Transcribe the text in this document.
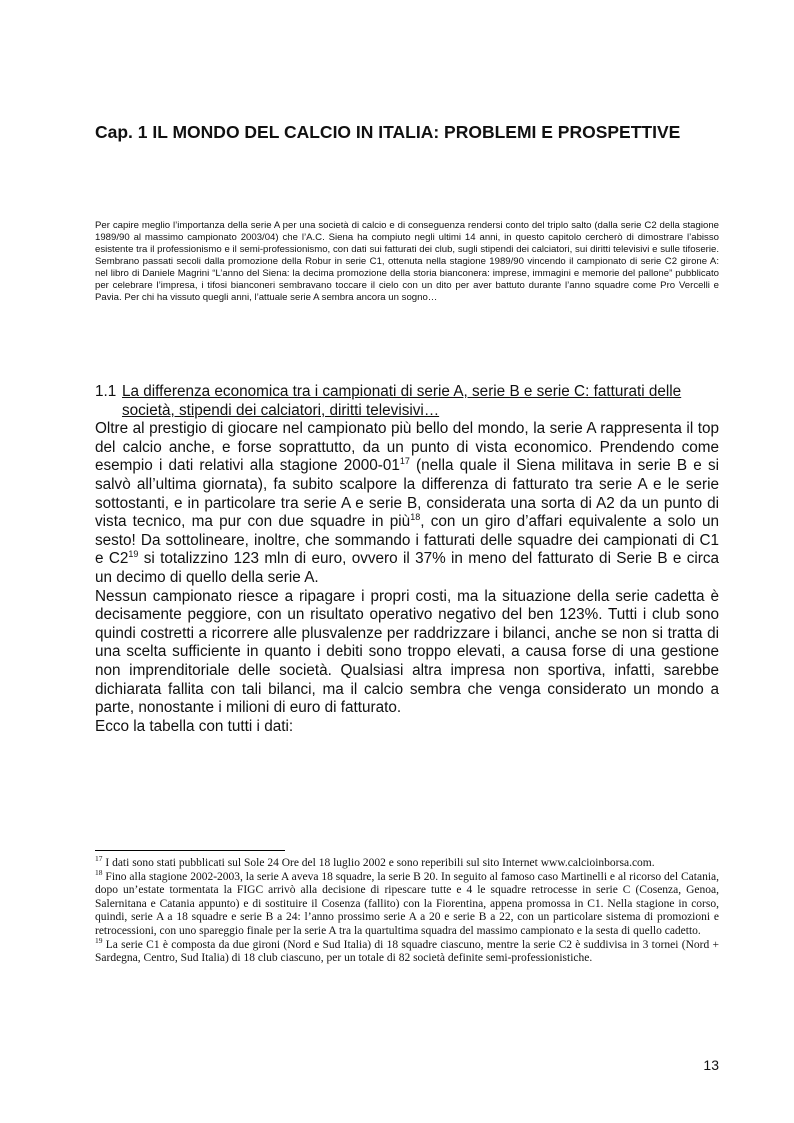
Cap. 1 IL MONDO DEL CALCIO IN ITALIA: PROBLEMI E PROSPETTIVE

Per capire meglio l’importanza della serie A per una società di calcio e di conseguenza rendersi conto del triplo salto (dalla serie C2 della stagione 1989/90 al massimo campionato 2003/04) che l’A.C. Siena ha compiuto negli ultimi 14 anni, in questo capitolo cercherò di dimostrare l’abisso esistente tra il professionismo e il semi-professionismo, con dati sui fatturati dei club, sugli stipendi dei calciatori, sui diritti televisivi e sulle tifoserie. Sembrano passati secoli dalla promozione della Robur in serie C1, ottenuta nella stagione 1989/90 vincendo il campionato di serie C2 girone A: nel libro di Daniele Magrini “L’anno del Siena: la decima promozione della storia bianconera: imprese, immagini e memorie del pallone” pubblicato per celebrare l’impresa, i tifosi bianconeri sembravano toccare il cielo con un dito per aver battuto durante l’anno squadre come Pro Vercelli e Pavia. Per chi ha vissuto quegli anni, l’attuale serie A sembra ancora un sogno…

1.1 La differenza economica tra i campionati di serie A, serie B e serie C: fatturati delle società, stipendi dei calciatori, diritti televisivi…

Oltre al prestigio di giocare nel campionato più bello del mondo, la serie A rappresenta il top del calcio anche, e forse soprattutto, da un punto di vista economico. Prendendo come esempio i dati relativi alla stagione $2000-01^{17}$ (nella quale il Siena militava in serie B e si salvò all’ultima giornata), fa subito scalpore la differenza di fatturato tra serie A e le serie sottostanti, e in particolare tra serie A e serie B, considerata una sorta di A2 da un punto di vista tecnico, ma pur con due squadre in più$^{18}$, con un giro d’affari equivalente a solo un sesto! Da sottolineare, inoltre, che sommando i fatturati delle squadre dei campionati di C1 e $C2^{19}$ si totalizzino 123 mln di euro, ovvero il 37% in meno del fatturato di Serie B e circa un decimo di quello della serie A.

Nessun campionato riesce a ripagare i propri costi, ma la situazione della serie cadetta è decisamente peggiore, con un risultato operativo negativo del ben 123%. Tutti i club sono quindi costretti a ricorrere alle plusvalenze per raddrizzare i bilanci, anche se non si tratta di una scelta sufficiente in quanto i debiti sono troppo elevati, a causa forse di una gestione non imprenditoriale delle società. Qualsiasi altra impresa non sportiva, infatti, sarebbe dichiarata fallita con tali bilanci, ma il calcio sembra che venga considerato un mondo a parte, nonostante i milioni di euro di fatturato.

Ecco la tabella con tutti i dati:

$^{17}$ I dati sono stati pubblicati sul Sole 24 Ore del 18 luglio 2002 e sono reperibili sul sito Internet www.calcioinborsa.com.

$^{18}$ Fino alla stagione 2002-2003, la serie A aveva 18 squadre, la serie B 20. In seguito al famoso caso Martinelli e al ricorso del Catania, dopo un’estate tormentata la FIGC arrivò alla decisione di ripescare tutte e 4 le squadre retrocesse in serie C (Cosenza, Genoa, Salernitana e Catania appunto) e di sostituire il Cosenza (fallito) con la Fiorentina, appena promossa in C1. Nella stagione in corso, quindi, serie A a 18 squadre e serie B a 24: l’anno prossimo serie A a 20 e serie B a 22, con un particolare sistema di promozioni e retrocessioni, con uno spareggio finale per la serie A tra la quartultima squadra del massimo campionato e la sesta di quello cadetto.

$^{19}$ La serie C1 è composta da due gironi (Nord e Sud Italia) di 18 squadre ciascuno, mentre la serie C2 è suddivisa in 3 tornei (Nord + Sardegna, Centro, Sud Italia) di 18 club ciascuno, per un totale di 82 società definite semi-professionistiche.

13
